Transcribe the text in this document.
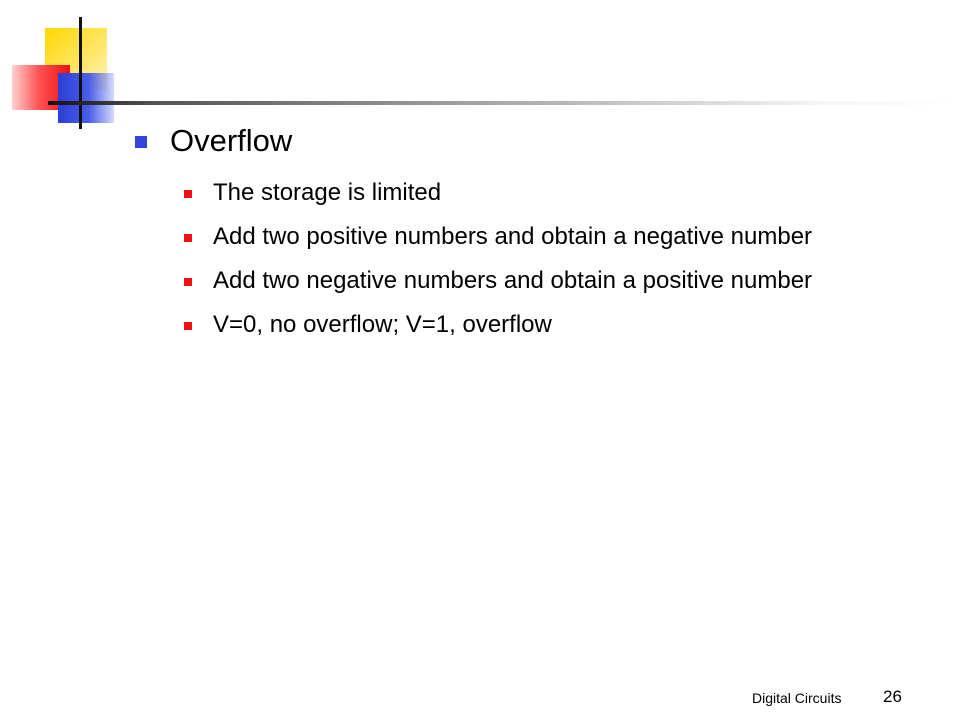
Overflow
The storage is limited
Add two positive numbers and obtain a negative number
Add two negative numbers and obtain a positive number
V=0, no overflow; V=1, overflow
Digital Circuits 26
